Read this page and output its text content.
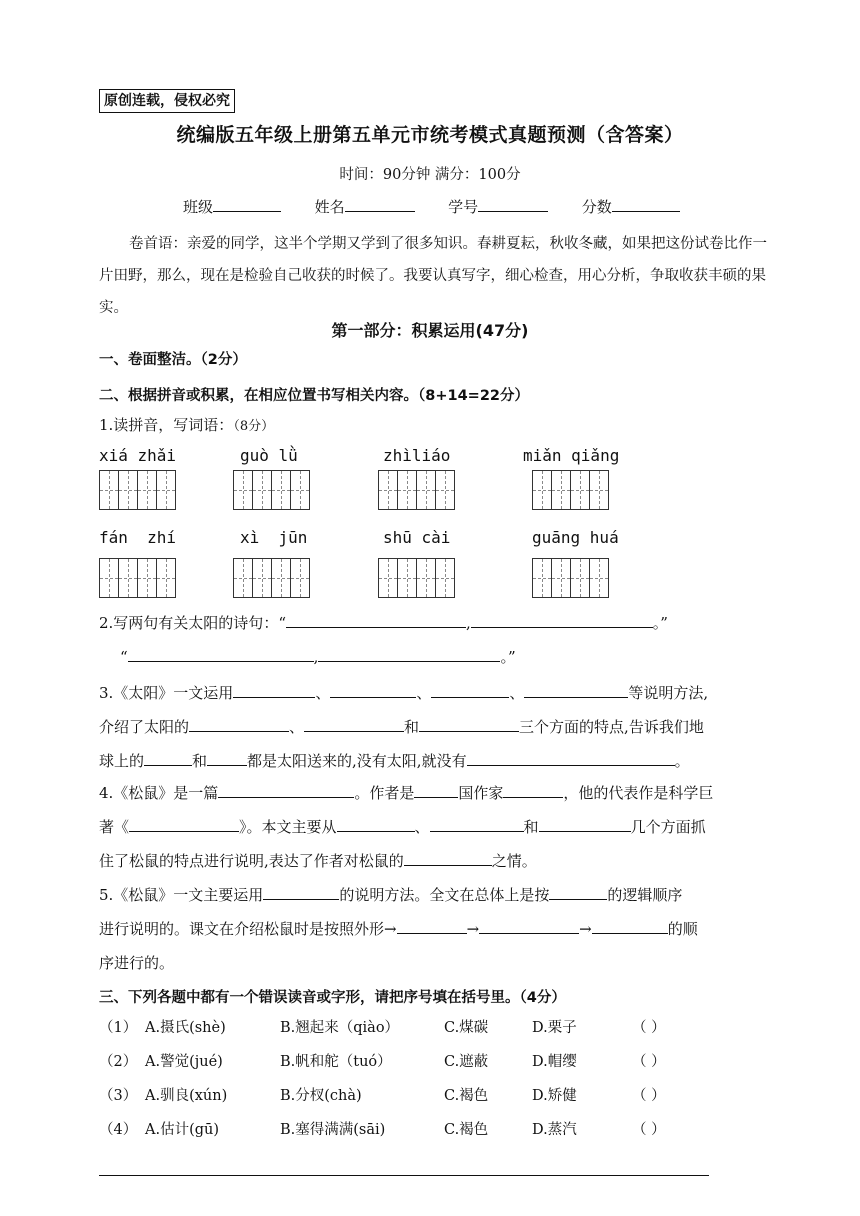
原创连载，侵权必究
统编版五年级上册第五单元市统考模式真题预测（含答案）
时间：90分钟 满分：100分
班级	姓名	学号	分数
卷首语：亲爱的同学，这半个学期又学到了很多知识。春耕夏耘，秋收冬藏，如果把这份试卷比作一片田野，那么，现在是检验自己收获的时候了。我要认真写字，细心检查，用心分析，争取收获丰硕的果实。
第一部分：积累运用(47分)
一、卷面整洁。（2分）
二、根据拼音或积累，在相应位置书写相关内容。（8+14=22分）
1.读拼音，写词语：（8分）
xiá zhǎi	guò lǜ	zhìliáo	miǎn qiǎng
fán  zhí	xì  jūn	shū cài	guāng huá
2.写两句有关太阳的诗句：“	,	。”
“	,	。”
3.《太阳》一文运用	、	、	、	等说明方法,
介绍了太阳的	、	和	三个方面的特点,告诉我们地
球上的	和	都是太阳送来的,没有太阳,就没有	。
4.《松鼠》是一篇	。作者是	国作家	，他的代表作是科学巨
著《	》。本文主要从	、	和	几个方面抓
住了松鼠的特点进行说明,表达了作者对松鼠的	之情。
5.《松鼠》一文主要运用	的说明方法。全文在总体上是按	的逻辑顺序
进行说明的。课文在介绍松鼠时是按照外形→	→	→	的顺
序进行的。
三、下列各题中都有一个错误读音或字形，请把序号填在括号里。（4分）
（1） A.摄氏(shè)	B.翘起来（qiào）	C.煤碳	D.栗子	（ ）
（2） A.警觉(jué)	B.帆和舵（tuó）	C.遮蔽	D.帽缨	（ ）
（3） A.驯良(xún)	B.分杈(chà)	C.褐色	D.矫健	（ ）
（4） A.估计(gū)	B.塞得满满(sāi)	C.褐色	D.蒸汽	（ ）
